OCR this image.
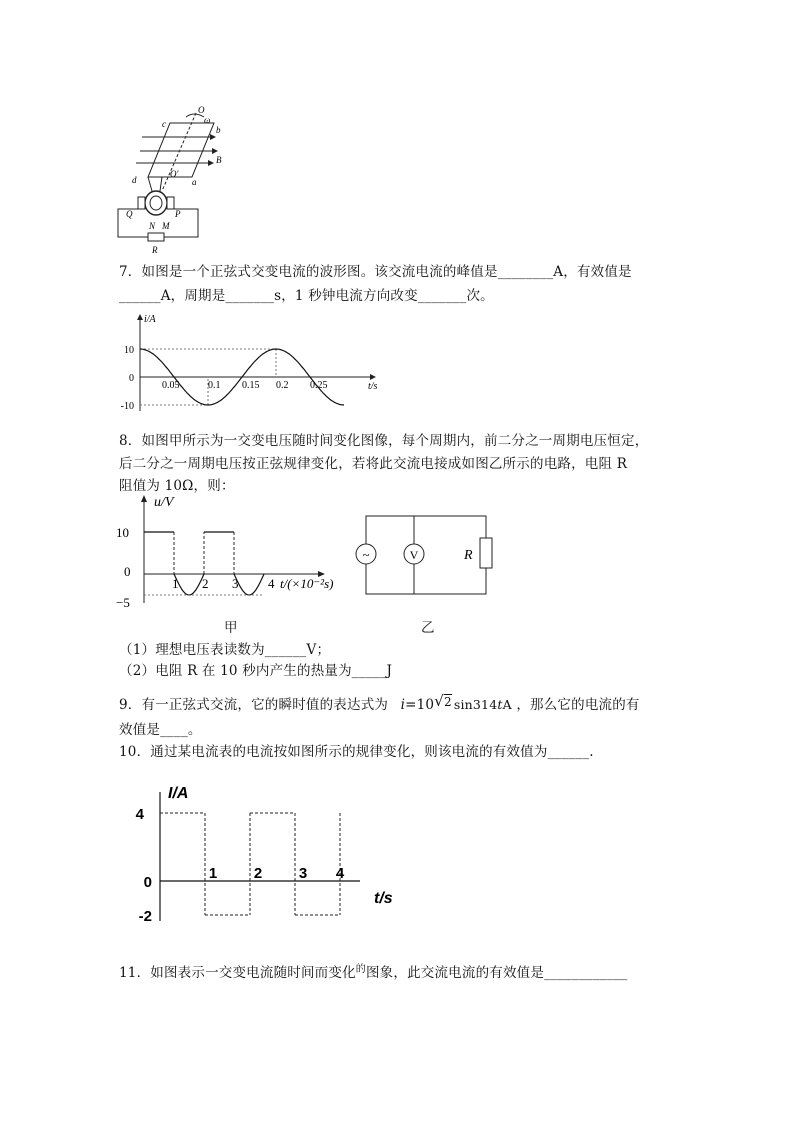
O
ω
c
b
B
O′
d	a
Q	P
N M
R
7．如图是一个正弦式交变电流的波形图。该交流电流的峰值是________A，有效值是
______A，周期是_______s，1 秒钟电流方向改变_______次。
0.05	0.1 0.15 0.2 0.25
10
0
-10
i/A
t/s
8．如图甲所示为一交变电压随时间变化图像，每个周期内，前二分之一周期电压恒定，
后二分之一周期电压按正弦规律变化，若将此交流电接成如图乙所示的电路，电阻 R
阻值为 10Ω，则：
1 2 3 4
10
0
−5
u/V
t/(×10⁻²s)
~	V	R
甲	乙
（1）理想电压表读数为______V；
（2）电阻 R 在 10 秒内产生的热量为_____J
9．有一正弦式交流，它的瞬时值的表达式为 i=10√2 sin314tA ，那么它的电流的有
效值是____。
10．通过某电流表的电流按如图所示的规律变化，则该电流的有效值为______.
1 2 3 4
4
0
-2
I/A
t/s
11．如图表示一交变电流随时间而变化$^的$图象，此交流电流的有效值是____________
